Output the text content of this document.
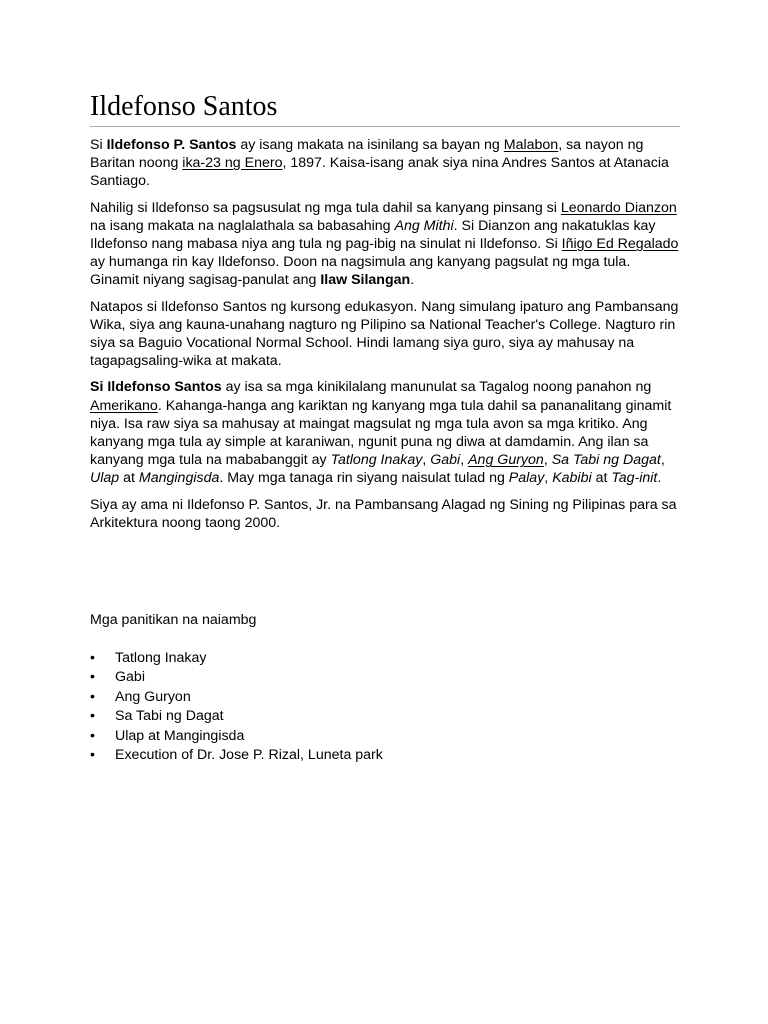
Ildefonso Santos

Si Ildefonso P. Santos ay isang makata na isinilang sa bayan ng Malabon, sa nayon ng Baritan noong ika-23 ng Enero, 1897. Kaisa-isang anak siya nina Andres Santos at Atanacia Santiago.

Nahilig si Ildefonso sa pagsusulat ng mga tula dahil sa kanyang pinsang si Leonardo Dianzon na isang makata na naglalathala sa babasahing Ang Mithi. Si Dianzon ang nakatuklas kay Ildefonso nang mabasa niya ang tula ng pag-ibig na sinulat ni Ildefonso. Si Iñigo Ed Regalado ay humanga rin kay Ildefonso. Doon na nagsimula ang kanyang pagsulat ng mga tula. Ginamit niyang sagisag-panulat ang Ilaw Silangan.

Natapos si Ildefonso Santos ng kursong edukasyon. Nang simulang ipaturo ang Pambansang Wika, siya ang kauna-unahang nagturo ng Pilipino sa National Teacher's College. Nagturo rin siya sa Baguio Vocational Normal School. Hindi lamang siya guro, siya ay mahusay na tagapagsaling-wika at makata.

Si Ildefonso Santos ay isa sa mga kinikilalang manunulat sa Tagalog noong panahon ng Amerikano. Kahanga-hanga ang kariktan ng kanyang mga tula dahil sa pananalitang ginamit niya. Isa raw siya sa mahusay at maingat magsulat ng mga tula avon sa mga kritiko. Ang kanyang mga tula ay simple at karaniwan, ngunit puna ng diwa at damdamin. Ang ilan sa kanyang mga tula na mababanggit ay Tatlong Inakay, Gabi, Ang Guryon, Sa Tabi ng Dagat, Ulap at Mangingisda. May mga tanaga rin siyang naisulat tulad ng Palay, Kabibi at Tag-init.

Siya ay ama ni Ildefonso P. Santos, Jr. na Pambansang Alagad ng Sining ng Pilipinas para sa Arkitektura noong taong 2000.

Mga panitikan na naiambg

• Tatlong Inakay
• Gabi
• Ang Guryon
• Sa Tabi ng Dagat
• Ulap at Mangingisda
• Execution of Dr. Jose P. Rizal, Luneta park
